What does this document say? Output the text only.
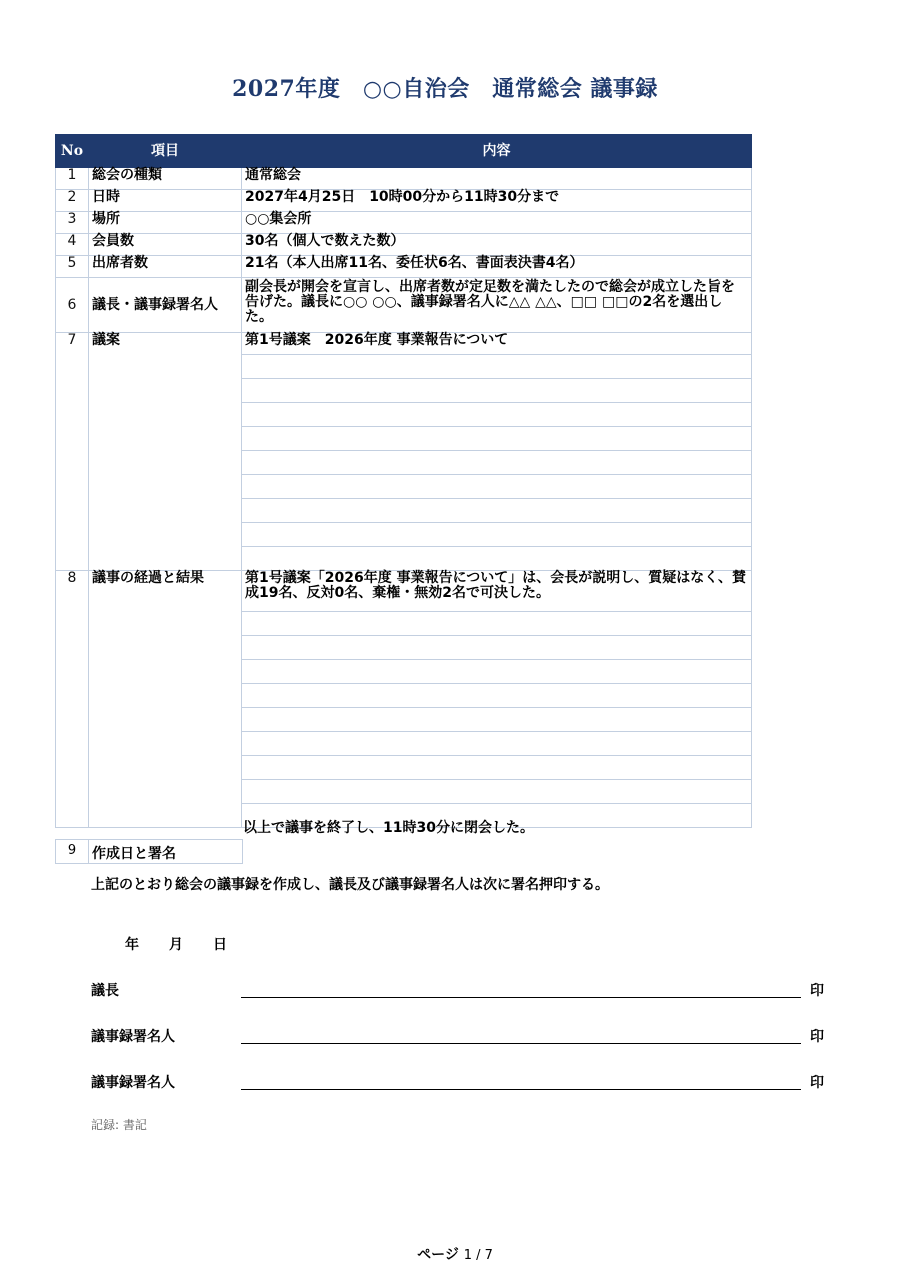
2027年度　○○自治会　通常総会 議事録
No	項目	内容
1	総会の種類	通常総会
2	日時	2027年4月25日　10時00分から11時30分まで
3	場所	○○集会所
4	会員数	30名（個人で数えた数）
5	出席者数	21名（本人出席11名、委任状6名、書面表決書4名）
6	議長・議事録署名人	副会長が開会を宣言し、出席者数が定足数を満たしたので総会が成立した旨を告げた。議長に○○ ○○、議事録署名人に△△ △△、□□ □□の2名を選出した。
7	議案	第1号議案　2026年度 事業報告について

8	議事の経過と結果	第1号議案「2026年度 事業報告について」は、会長が説明し、質疑はなく、賛成19名、反対0名、棄権・無効2名で可決した。

以上で議事を終了し、11時30分に閉会した。
9	作成日と署名
上記のとおり総会の議事録を作成し、議長及び議事録署名人は次に署名押印する。
年 月 日
議長	印
議事録署名人	印
議事録署名人	印
記録: 書記
ページ 1 / 7
